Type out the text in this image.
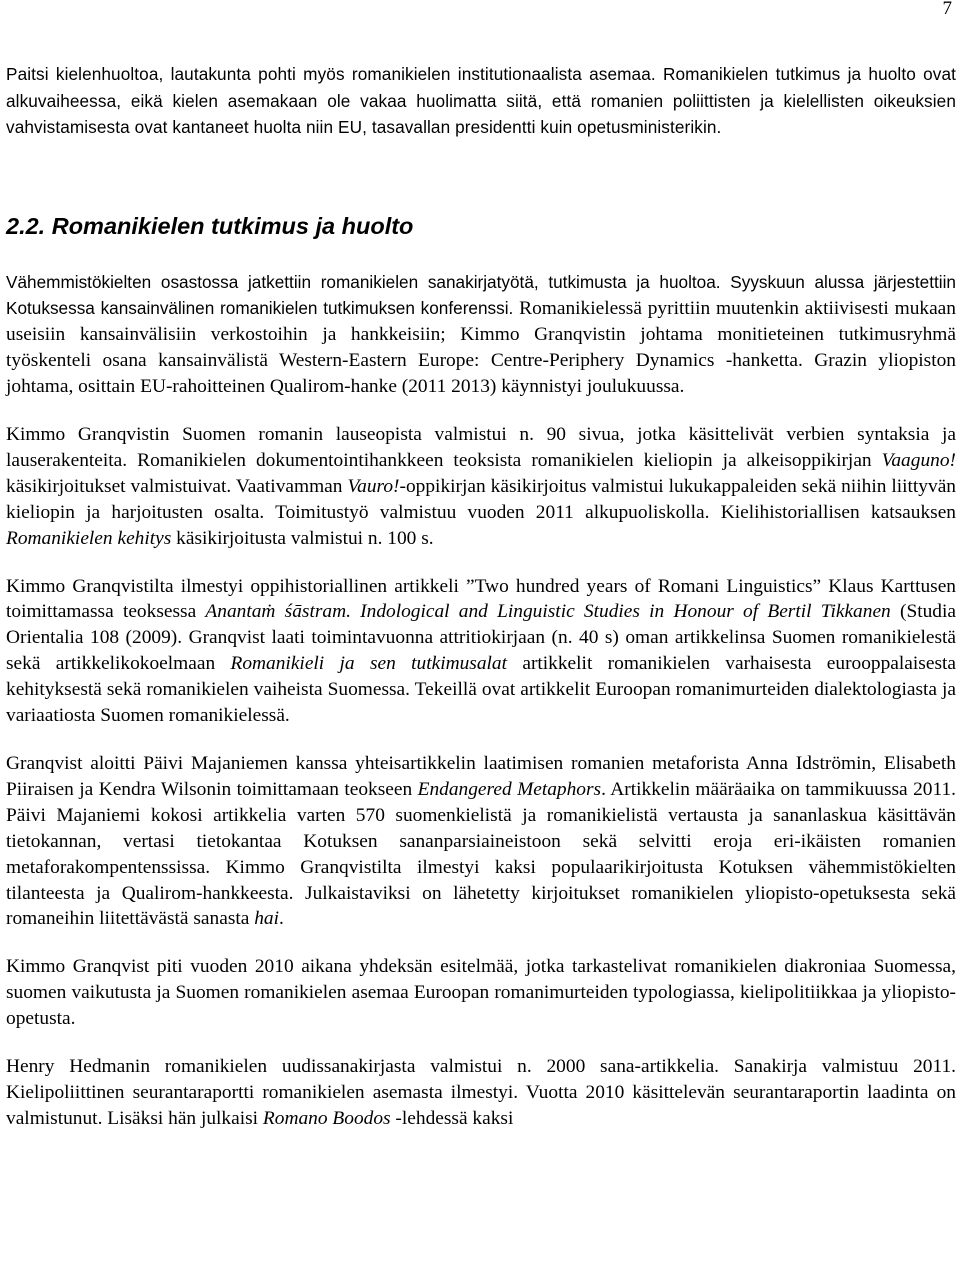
7

Paitsi kielenhuoltoa, lautakunta pohti myös romanikielen institutionaalista asemaa. Romanikielen tutkimus ja huolto ovat alkuvaiheessa, eikä kielen asemakaan ole vakaa huolimatta siitä, että romanien poliittisten ja kielellisten oikeuksien vahvistamisesta ovat kantaneet huolta niin EU, tasavallan presidentti kuin opetusministerikin.

2.2. Romanikielen tutkimus ja huolto

Vähemmistökielten osastossa jatkettiin romanikielen sanakirjatyötä, tutkimusta ja huoltoa. Syyskuun alussa järjestettiin Kotuksessa kansainvälinen romanikielen tutkimuksen konferenssi. Romanikielessä pyrittiin muutenkin aktiivisesti mukaan useisiin kansainvälisiin verkostoihin ja hankkeisiin; Kimmo Granqvistin johtama monitieteinen tutkimusryhmä työskenteli osana kansainvälistä Western-Eastern Europe: Centre-Periphery Dynamics -hanketta. Grazin yliopiston johtama, osittain EU-rahoitteinen Qualirom-hanke (2011 2013) käynnistyi joulukuussa.

Kimmo Granqvistin Suomen romanin lauseopista valmistui n. 90 sivua, jotka käsittelivät verbien syntaksia ja lauserakenteita. Romanikielen dokumentointihankkeen teoksista romanikielen kieliopin ja alkeisoppikirjan Vaaguno! käsikirjoitukset valmistuivat. Vaativamman Vauro!-oppikirjan käsikirjoitus valmistui lukukappaleiden sekä niihin liittyvän kieliopin ja harjoitusten osalta. Toimitustyö valmistuu vuoden 2011 alkupuoliskolla. Kielihistoriallisen katsauksen Romanikielen kehitys käsikirjoitusta valmistui n. 100 s.

Kimmo Granqvistilta ilmestyi oppihistoriallinen artikkeli ”Two hundred years of Romani Linguistics” Klaus Karttusen toimittamassa teoksessa Anantaṁ śāstram. Indological and Linguistic Studies in Honour of Bertil Tikkanen (Studia Orientalia 108 (2009). Granqvist laati toimintavuonna attritiokirjaan (n. 40 s) oman artikkelinsa Suomen romanikielestä sekä artikkelikokoelmaan Romanikieli ja sen tutkimusalat artikkelit romanikielen varhaisesta eurooppalaisesta kehityksestä sekä romanikielen vaiheista Suomessa. Tekeillä ovat artikkelit Euroopan romanimurteiden dialektologiasta ja variaatiosta Suomen romanikielessä.

Granqvist aloitti Päivi Majaniemen kanssa yhteisartikkelin laatimisen romanien metaforista Anna Idströmin, Elisabeth Piiraisen ja Kendra Wilsonin toimittamaan teokseen Endangered Metaphors. Artikkelin määräaika on tammikuussa 2011. Päivi Majaniemi kokosi artikkelia varten 570 suomenkielistä ja romanikielistä vertausta ja sananlaskua käsittävän tietokannan, vertasi tietokantaa Kotuksen sananparsiaineistoon sekä selvitti eroja eri-ikäisten romanien metaforakompentenssissa. Kimmo Granqvistilta ilmestyi kaksi populaarikirjoitusta Kotuksen vähemmistökielten tilanteesta ja Qualirom-hankkeesta. Julkaistaviksi on lähetetty kirjoitukset romanikielen yliopisto-opetuksesta sekä romaneihin liitettävästä sanasta hai.

Kimmo Granqvist piti vuoden 2010 aikana yhdeksän esitelmää, jotka tarkastelivat romanikielen diakroniaa Suomessa, suomen vaikutusta ja Suomen romanikielen asemaa Euroopan romanimurteiden typologiassa, kielipolitiikkaa ja yliopisto-opetusta.

Henry Hedmanin romanikielen uudissanakirjasta valmistui n. 2000 sana-artikkelia. Sanakirja valmistuu 2011. Kielipoliittinen seurantaraportti romanikielen asemasta ilmestyi. Vuotta 2010 käsittelevän seurantaraportin laadinta on valmistunut. Lisäksi hän julkaisi Romano Boodos -lehdessä kaksi
